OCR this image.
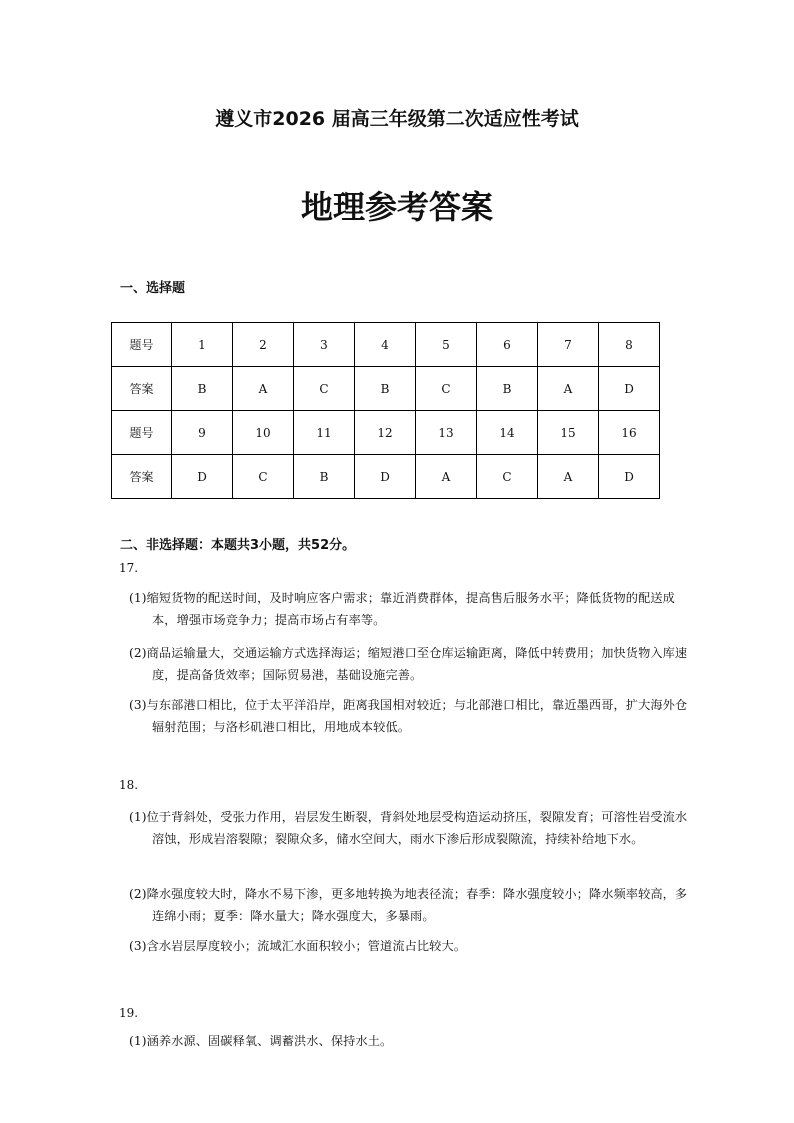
遵义市2026 届高三年级第二次适应性考试
地理参考答案
一、选择题
题号	1	2	3	4	5	6	7	8
答案	B	A	C	B	C	B	A	D
题号	9	10	11	12	13	14	15	16
答案	D	C	B	D	A	C	A	D
二、非选择题：本题共3小题，共52分。
17.
(1)缩短货物的配送时间，及时响应客户需求；靠近消费群体，提高售后服务水平；降低货物的配送成本，增强市场竞争力；提高市场占有率等。
(2)商品运输量大，交通运输方式选择海运；缩短港口至仓库运输距离，降低中转费用；加快货物入库速度，提高备货效率；国际贸易港，基础设施完善。
(3)与东部港口相比，位于太平洋沿岸，距离我国相对较近；与北部港口相比，靠近墨西哥，扩大海外仓辐射范围；与洛杉矶港口相比，用地成本较低。
18.
(1)位于背斜处，受张力作用，岩层发生断裂，背斜处地层受构造运动挤压，裂隙发育；可溶性岩受流水溶蚀，形成岩溶裂隙；裂隙众多，储水空间大，雨水下渗后形成裂隙流，持续补给地下水。
(2)降水强度较大时，降水不易下渗，更多地转换为地表径流；春季：降水强度较小；降水频率较高，多连绵小雨；夏季：降水量大；降水强度大，多暴雨。
(3)含水岩层厚度较小；流域汇水面积较小；管道流占比较大。
19.
(1)涵养水源、固碳释氧、调蓄洪水、保持水土。
